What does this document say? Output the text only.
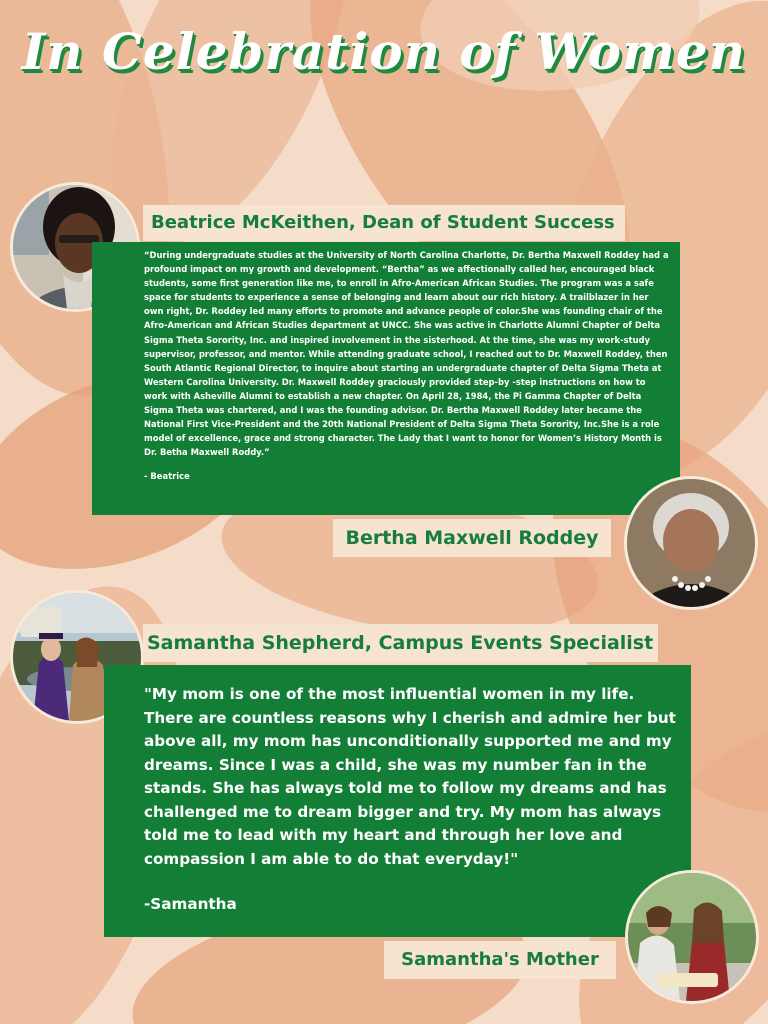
In Celebration of Women
Beatrice McKeithen, Dean of Student Success

“During undergraduate studies at the University of North Carolina Charlotte, Dr. Bertha Maxwell Roddey had a profound impact on my growth and development. “Bertha” as we affectionally called her, encouraged black students, some first generation like me, to enroll in Afro-American African Studies. The program was a safe space for students to experience a sense of belonging and learn about our rich history. A trailblazer in her own right, Dr. Roddey led many efforts to promote and advance people of color.She was founding chair of the Afro-American and African Studies department at UNCC. She was active in Charlotte Alumni Chapter of Delta Sigma Theta Sorority, Inc. and inspired involvement in the sisterhood. At the time, she was my work-study supervisor, professor, and mentor. While attending graduate school, I reached out to Dr. Maxwell Roddey, then South Atlantic Regional Director, to inquire about starting an undergraduate chapter of Delta Sigma Theta at Western Carolina University. Dr. Maxwell Roddey graciously provided step-by -step instructions on how to work with Asheville Alumni to establish a new chapter. On April 28, 1984, the Pi Gamma Chapter of Delta Sigma Theta was chartered, and I was the founding advisor. Dr. Bertha Maxwell Roddey later became the National First Vice-President and the 20th National President of Delta Sigma Theta Sorority, Inc.She is a role model of excellence, grace and strong character. The Lady that I want to honor for Women’s History Month is Dr. Betha Maxwell Roddy.”

- Beatrice

Bertha Maxwell Roddey
Samantha Shepherd, Campus Events Specialist

"My mom is one of the most influential women in my life. There are countless reasons why I cherish and admire her but above all, my mom has unconditionally supported me and my dreams. Since I was a child, she was my number fan in the stands. She has always told me to follow my dreams and has challenged me to dream bigger and try. My mom has always told me to lead with my heart and through her love and compassion I am able to do that everyday!"

-Samantha

Samantha's Mother
